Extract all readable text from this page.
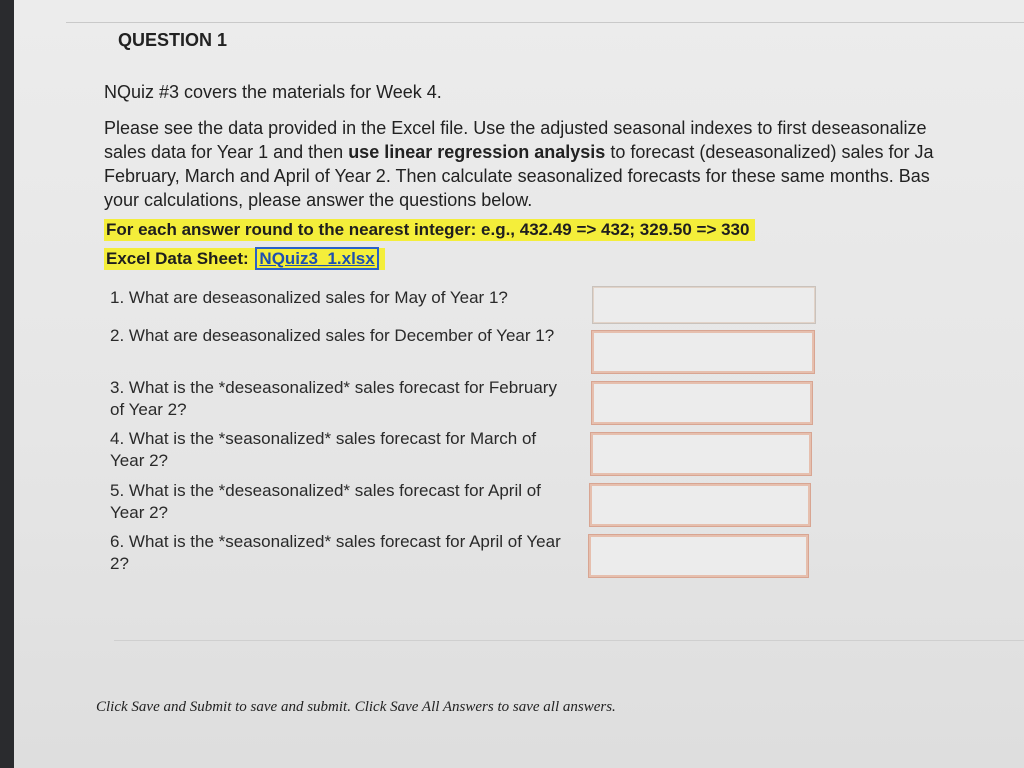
QUESTION 1
NQuiz #3 covers the materials for Week 4.
Please see the data provided in the Excel file. Use the adjusted seasonal indexes to first deseasonalize
sales data for Year 1 and then use linear regression analysis to forecast (deseasonalized) sales for Ja
February, March and April of Year 2. Then calculate seasonalized forecasts for these same months. Bas
your calculations, please answer the questions below.
For each answer round to the nearest integer: e.g., 432.49 => 432; 329.50 => 330
Excel Data Sheet: NQuiz3_1.xlsx
1. What are deseasonalized sales for May of Year 1?
2. What are deseasonalized sales for December of Year 1?
3. What is the *deseasonalized* sales forecast for February of Year 2?
4. What is the *seasonalized* sales forecast for March of Year 2?
5. What is the *deseasonalized* sales forecast for April of Year 2?
6. What is the *seasonalized* sales forecast for April of Year 2?
Click Save and Submit to save and submit. Click Save All Answers to save all answers.
